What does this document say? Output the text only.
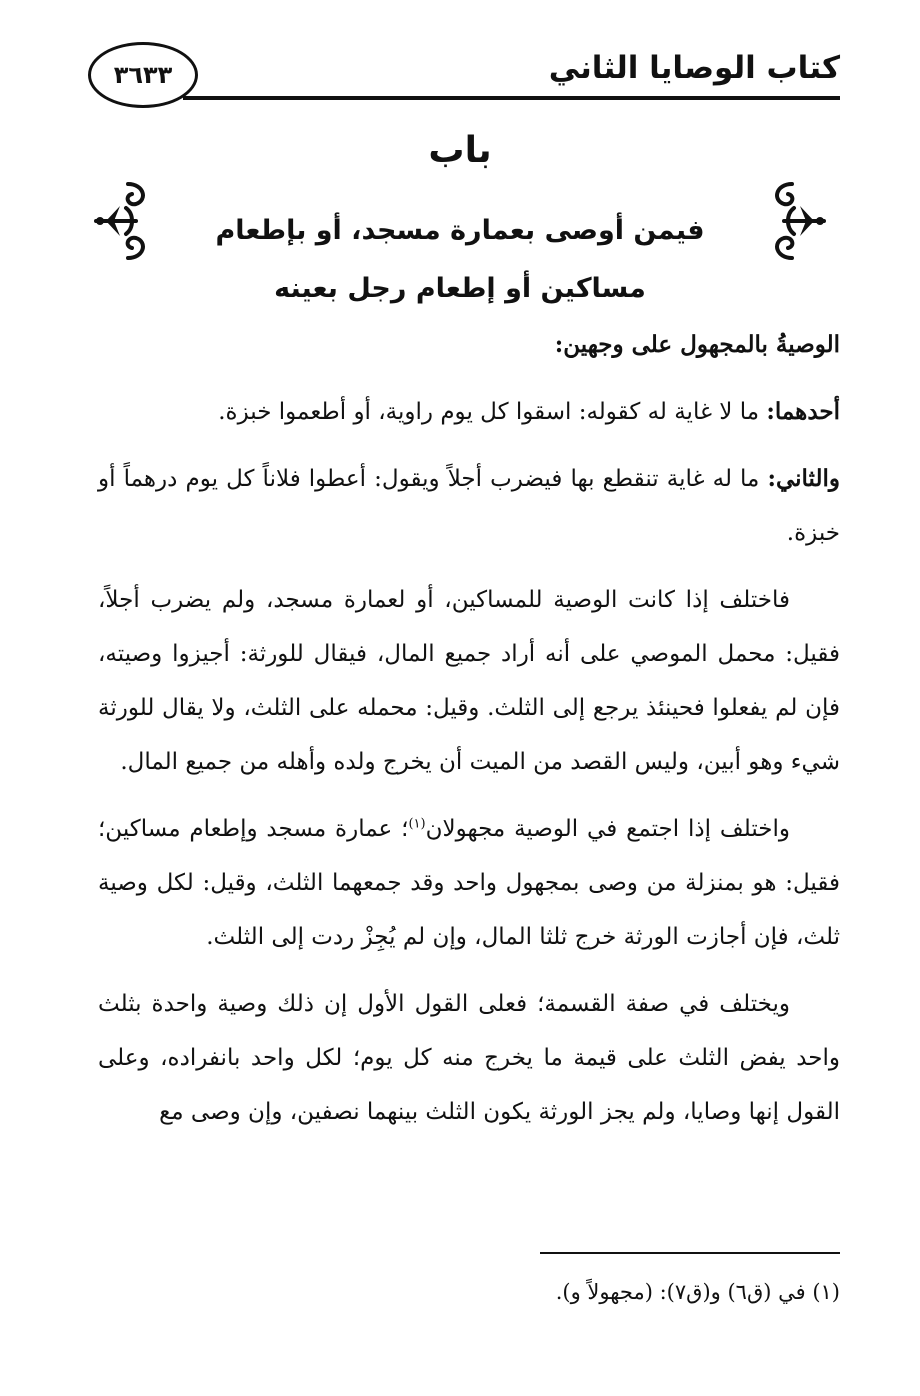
كتاب الوصايا الثاني
٣٦٣٣
باب
فيمن أوصى بعمارة مسجد، أو بإطعام
مساكين أو إطعام رجل بعينه

الوصيةُ بالمجهول على وجهين:

أحدهما: ما لا غاية له كقوله: اسقوا كل يوم راوية، أو أطعموا خبزة.

والثاني: ما له غاية تنقطع بها فيضرب أجلاً ويقول: أعطوا فلاناً كل يوم درهماً أو خبزة.

فاختلف إذا كانت الوصية للمساكين، أو لعمارة مسجد، ولم يضرب أجلاً، فقيل: محمل الموصي على أنه أراد جميع المال، فيقال للورثة: أجيزوا وصيته، فإن لم يفعلوا فحينئذ يرجع إلى الثلث. وقيل: محمله على الثلث، ولا يقال للورثة شيء وهو أبين، وليس القصد من الميت أن يخرج ولده وأهله من جميع المال.

واختلف إذا اجتمع في الوصية مجهولان$^{(١)}$؛ عمارة مسجد وإطعام مساكين؛ فقيل: هو بمنزلة من وصى بمجهول واحد وقد جمعهما الثلث، وقيل: لكل وصية ثلث، فإن أجازت الورثة خرج ثلثا المال، وإن لم يُجِزْ ردت إلى الثلث.

ويختلف في صفة القسمة؛ فعلى القول الأول إن ذلك وصية واحدة بثلث واحد يفض الثلث على قيمة ما يخرج منه كل يوم؛ لكل واحد بانفراده، وعلى القول إنها وصايا، ولم يجز الورثة يكون الثلث بينهما نصفين، وإن وصى مع

(١) في (ق٦) و(ق٧): (مجهولاً و).
